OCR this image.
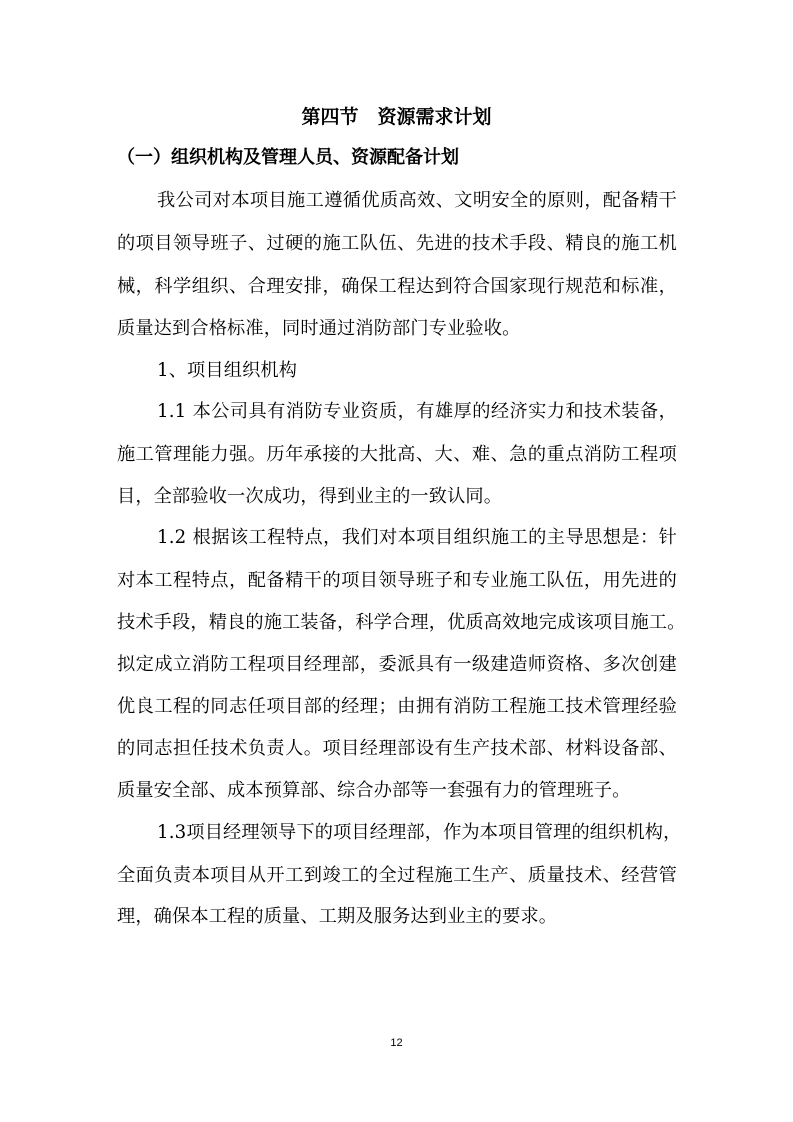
第四节　资源需求计划
（一）组织机构及管理人员、资源配备计划
我公司对本项目施工遵循优质高效、文明安全的原则，配备精干
的项目领导班子、过硬的施工队伍、先进的技术手段、精良的施工机
械，科学组织、合理安排，确保工程达到符合国家现行规范和标准，
质量达到合格标准，同时通过消防部门专业验收。
1、项目组织机构
1.1 本公司具有消防专业资质，有雄厚的经济实力和技术装备，
施工管理能力强。历年承接的大批高、大、难、急的重点消防工程项
目，全部验收一次成功，得到业主的一致认同。
1.2 根据该工程特点，我们对本项目组织施工的主导思想是：针
对本工程特点，配备精干的项目领导班子和专业施工队伍，用先进的
技术手段，精良的施工装备，科学合理，优质高效地完成该项目施工。
拟定成立消防工程项目经理部，委派具有一级建造师资格、多次创建
优良工程的同志任项目部的经理；由拥有消防工程施工技术管理经验
的同志担任技术负责人。项目经理部设有生产技术部、材料设备部、
质量安全部、成本预算部、综合办部等一套强有力的管理班子。
1.3项目经理领导下的项目经理部，作为本项目管理的组织机构，
全面负责本项目从开工到竣工的全过程施工生产、质量技术、经营管
理，确保本工程的质量、工期及服务达到业主的要求。
12
